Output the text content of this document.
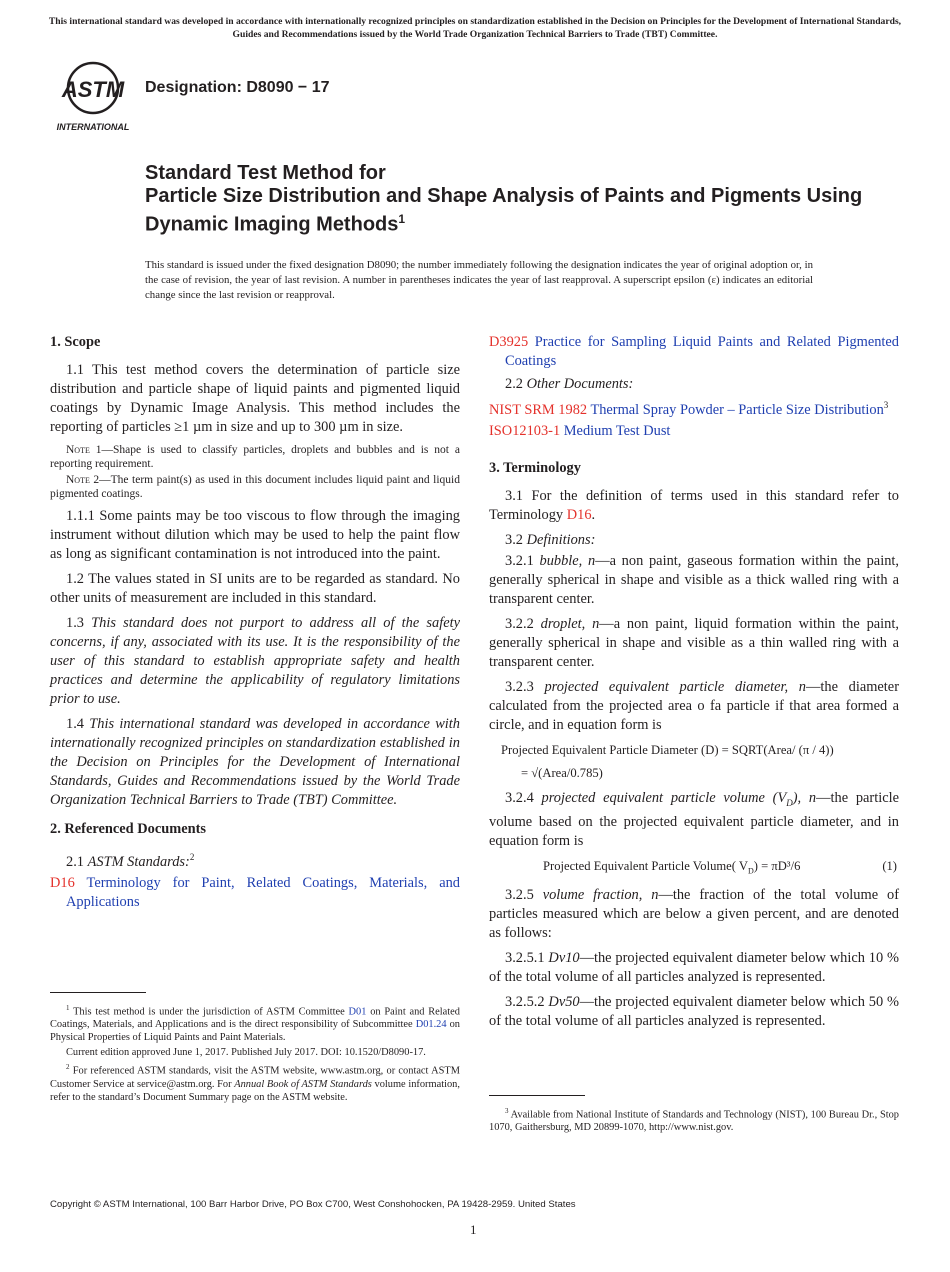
This international standard was developed in accordance with internationally recognized principles on standardization established in the Decision on Principles for the Development of International Standards, Guides and Recommendations issued by the World Trade Organization Technical Barriers to Trade (TBT) Committee.
ASTM
INTERNATIONAL
Designation: D8090 − 17
Standard Test Method for
Particle Size Distribution and Shape Analysis of Paints and Pigments Using Dynamic Imaging Methods$^1$
This standard is issued under the fixed designation D8090; the number immediately following the designation indicates the year of original adoption or, in the case of revision, the year of last revision. A number in parentheses indicates the year of last reapproval. A superscript epsilon (ε) indicates an editorial change since the last revision or reapproval.
1. Scope

1.1 This test method covers the determination of particle size distribution and particle shape of liquid paints and pigmented liquid coatings by Dynamic Image Analysis. This method includes the reporting of particles ≥1 µm in size and up to 300 µm in size.

Note 1—Shape is used to classify particles, droplets and bubbles and is not a reporting requirement.
Note 2—The term paint(s) as used in this document includes liquid paint and liquid pigmented coatings.

1.1.1 Some paints may be too viscous to flow through the imaging instrument without dilution which may be used to help the paint flow as long as significant contamination is not introduced into the paint.

1.2 The values stated in SI units are to be regarded as standard. No other units of measurement are included in this standard.

1.3 This standard does not purport to address all of the safety concerns, if any, associated with its use. It is the responsibility of the user of this standard to establish appropriate safety and health practices and determine the applicability of regulatory limitations prior to use.

1.4 This international standard was developed in accordance with internationally recognized principles on standardization established in the Decision on Principles for the Development of International Standards, Guides and Recommendations issued by the World Trade Organization Technical Barriers to Trade (TBT) Committee.

2. Referenced Documents

2.1 ASTM Standards:$^2$

D16 Terminology for Paint, Related Coatings, Materials, and Applications

$^1$ This test method is under the jurisdiction of ASTM Committee D01 on Paint and Related Coatings, Materials, and Applications and is the direct responsibility of Subcommittee D01.24 on Physical Properties of Liquid Paints and Paint Materials.

Current edition approved June 1, 2017. Published July 2017. DOI: 10.1520/D8090-17.

$^2$ For referenced ASTM standards, visit the ASTM website, www.astm.org, or contact ASTM Customer Service at service@astm.org. For Annual Book of ASTM Standards volume information, refer to the standard’s Document Summary page on the ASTM website.

D3925 Practice for Sampling Liquid Paints and Related Pigmented Coatings

2.2 Other Documents:

NIST SRM 1982 Thermal Spray Powder – Particle Size Distribution$^3$
ISO12103-1 Medium Test Dust
3. Terminology

3.1 For the definition of terms used in this standard refer to Terminology D16.

3.2 Definitions:

3.2.1 bubble, n—a non paint, gaseous formation within the paint, generally spherical in shape and visible as a thick walled ring with a transparent center.

3.2.2 droplet, n—a non paint, liquid formation within the paint, generally spherical in shape and visible as a thin walled ring with a transparent center.

3.2.3 projected equivalent particle diameter, n—the diameter calculated from the projected area o fa particle if that area formed a circle, and in equation form is

Projected Equivalent Particle Diameter (D) = SQRT(Area/ (π / 4))
= √(Area/0.785)

3.2.4 projected equivalent particle volume $(V_D)$, n—the particle volume based on the projected equivalent particle diameter, and in equation form is

Projected Equivalent Particle Volume( $V_D) = \pi D^3/6$	(1)

3.2.5 volume fraction, n—the fraction of the total volume of particles measured which are below a given percent, and are denoted as follows:

3.2.5.1 Dv10—the projected equivalent diameter below which 10 % of the total volume of all particles analyzed is represented.

3.2.5.2 Dv50—the projected equivalent diameter below which 50 % of the total volume of all particles analyzed is represented.

$^3$ Available from National Institute of Standards and Technology (NIST), 100 Bureau Dr., Stop 1070, Gaithersburg, MD 20899-1070, http://www.nist.gov.

Copyright © ASTM International, 100 Barr Harbor Drive, PO Box C700, West Conshohocken, PA 19428-2959. United States
1
